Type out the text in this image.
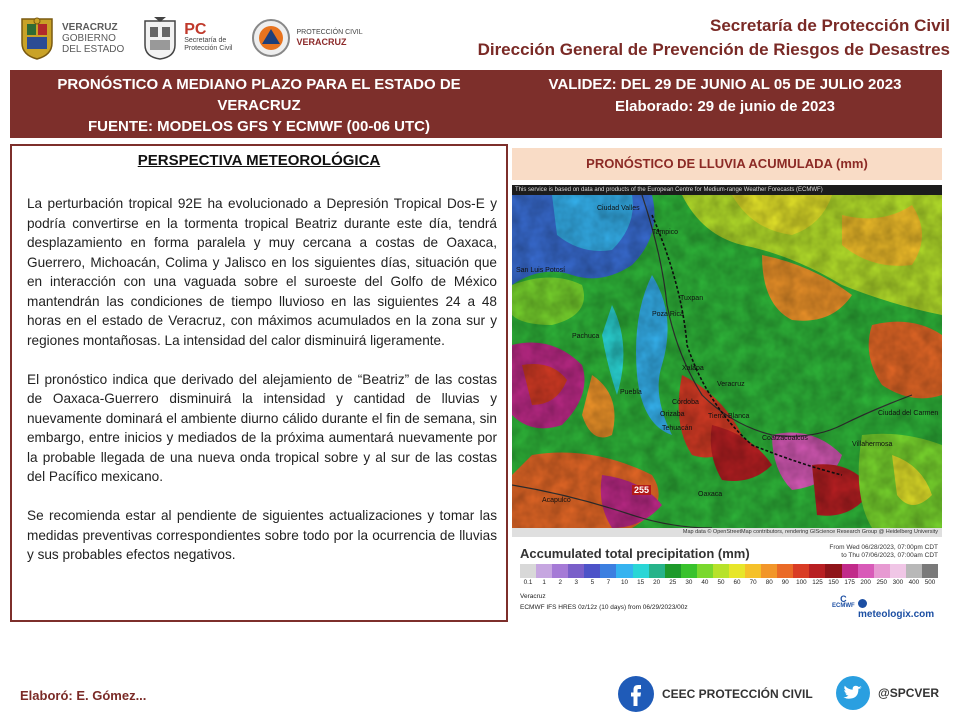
VERACRUZ
GOBIERNO
DEL ESTADO
PC
Secretaría de
Protección Civil
PROTECCIÓN CIVIL
VERACRUZ
Secretaría de Protección Civil
Dirección General de Prevención de Riesgos de Desastres
PRONÓSTICO A MEDIANO PLAZO PARA EL ESTADO DE
VERACRUZ
FUENTE: MODELOS GFS Y ECMWF (00-06 UTC)
VALIDEZ: DEL 29 DE JUNIO AL 05 DE JULIO 2023
Elaborado: 29 de junio de 2023
PERSPECTIVA METEOROLÓGICA

La perturbación tropical 92E ha evolucionado a Depresión Tropical Dos-E y podría convertirse en la tormenta tropical Beatriz durante este día, tendrá desplazamiento en forma paralela y muy cercana a costas de Oaxaca, Guerrero, Michoacán, Colima y Jalisco en los siguientes días, situación que en interacción con una vaguada sobre el suroeste del Golfo de México mantendrán las condiciones de tiempo lluvioso en las siguientes 24 a 48 horas en el estado de Veracruz, con máximos acumulados en la zona sur y regiones montañosas. La intensidad del calor disminuirá ligeramente.

El pronóstico indica que derivado del alejamiento de “Beatriz” de las costas de Oaxaca-Guerrero disminuirá la intensidad y cantidad de lluvias y nuevamente dominará el ambiente diurno cálido durante el fin de semana, sin embargo, entre inicios y mediados de la próxima aumentará nuevamente por la probable llegada de una nueva onda tropical sobre y al sur de las costas del Pacífico mexicano.

Se recomienda estar al pendiente de siguientes actualizaciones y tomar las medidas preventivas correspondientes sobre todo por la ocurrencia de lluvias y sus probables efectos negativos.

PRONÓSTICO DE LLUVIA ACUMULADA (mm)
This service is based on data and products of the European Centre for Medium-range Weather Forecasts (ECMWF)
Ciudad Valles
Tampico
San Luis Potosí
Poza Rica
Tuxpan
Pachuca
Xalapa
Veracruz
Puebla
Córdoba
Orizaba	Tierra Blanca
Tehuacán
Coatzacoalcos
Villahermosa
Ciudad del Carmen
Oaxaca
Acapulco
255
Map data © OpenStreetMap contributors, rendering GIScience Research Group @ Heidelberg University
Accumulated total precipitation (mm)	From Wed 06/28/2023, 07:00pm CDT
to Thu 07/06/2023, 07:00am CDT
0.1	1	2	3	5	7	10	15	20	25	30	40	50	60	70	80	90	100 125 150 175 200 250 300 400 500
Veracruz
ECMWF IFS HRES 0z/12z (10 days) from 06/29/2023/00z
C
ECMWF
meteologix.com
Elaboró: E. Gómez...	CEEC PROTECCIÓN CIVIL	@SPCVER
